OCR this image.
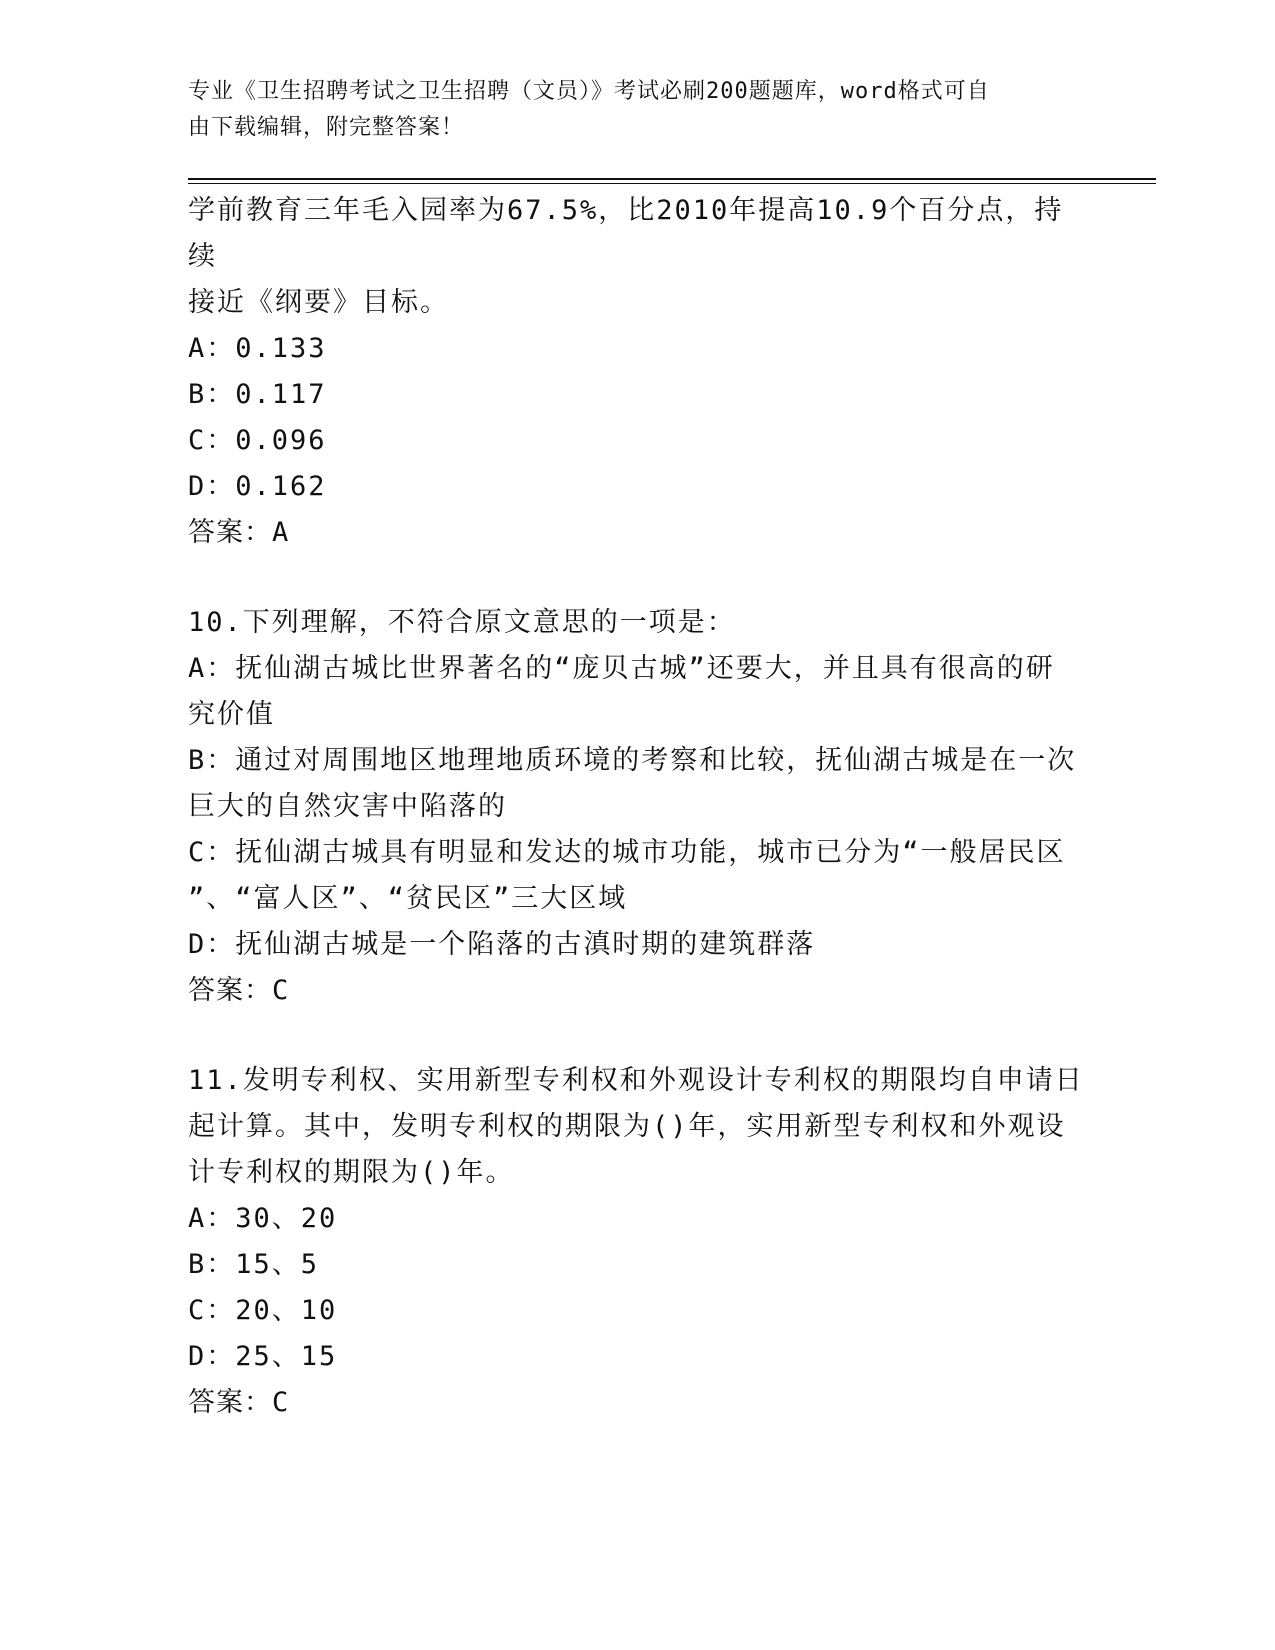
专业《卫生招聘考试之卫生招聘（文员）》考试必刷200题题库，word格式可自
由下载编辑，附完整答案！

学前教育三年毛入园率为67.5%，比2010年提高10.9个百分点，持续

接近《纲要》目标。

A：0.133

B：0.117

C：0.096

D：0.162

答案：A

10.下列理解，不符合原文意思的一项是：

A：抚仙湖古城比世界著名的“庞贝古城”还要大，并且具有很高的研

究价值

B：通过对周围地区地理地质环境的考察和比较，抚仙湖古城是在一次

巨大的自然灾害中陷落的

C：抚仙湖古城具有明显和发达的城市功能，城市已分为“一般居民区

”、“富人区”、“贫民区”三大区域

D：抚仙湖古城是一个陷落的古滇时期的建筑群落

答案：C

11.发明专利权、实用新型专利权和外观设计专利权的期限均自申请日

起计算。其中，发明专利权的期限为()年，实用新型专利权和外观设

计专利权的期限为()年。

A：30、20

B：15、5

C：20、10

D：25、15

答案：C
